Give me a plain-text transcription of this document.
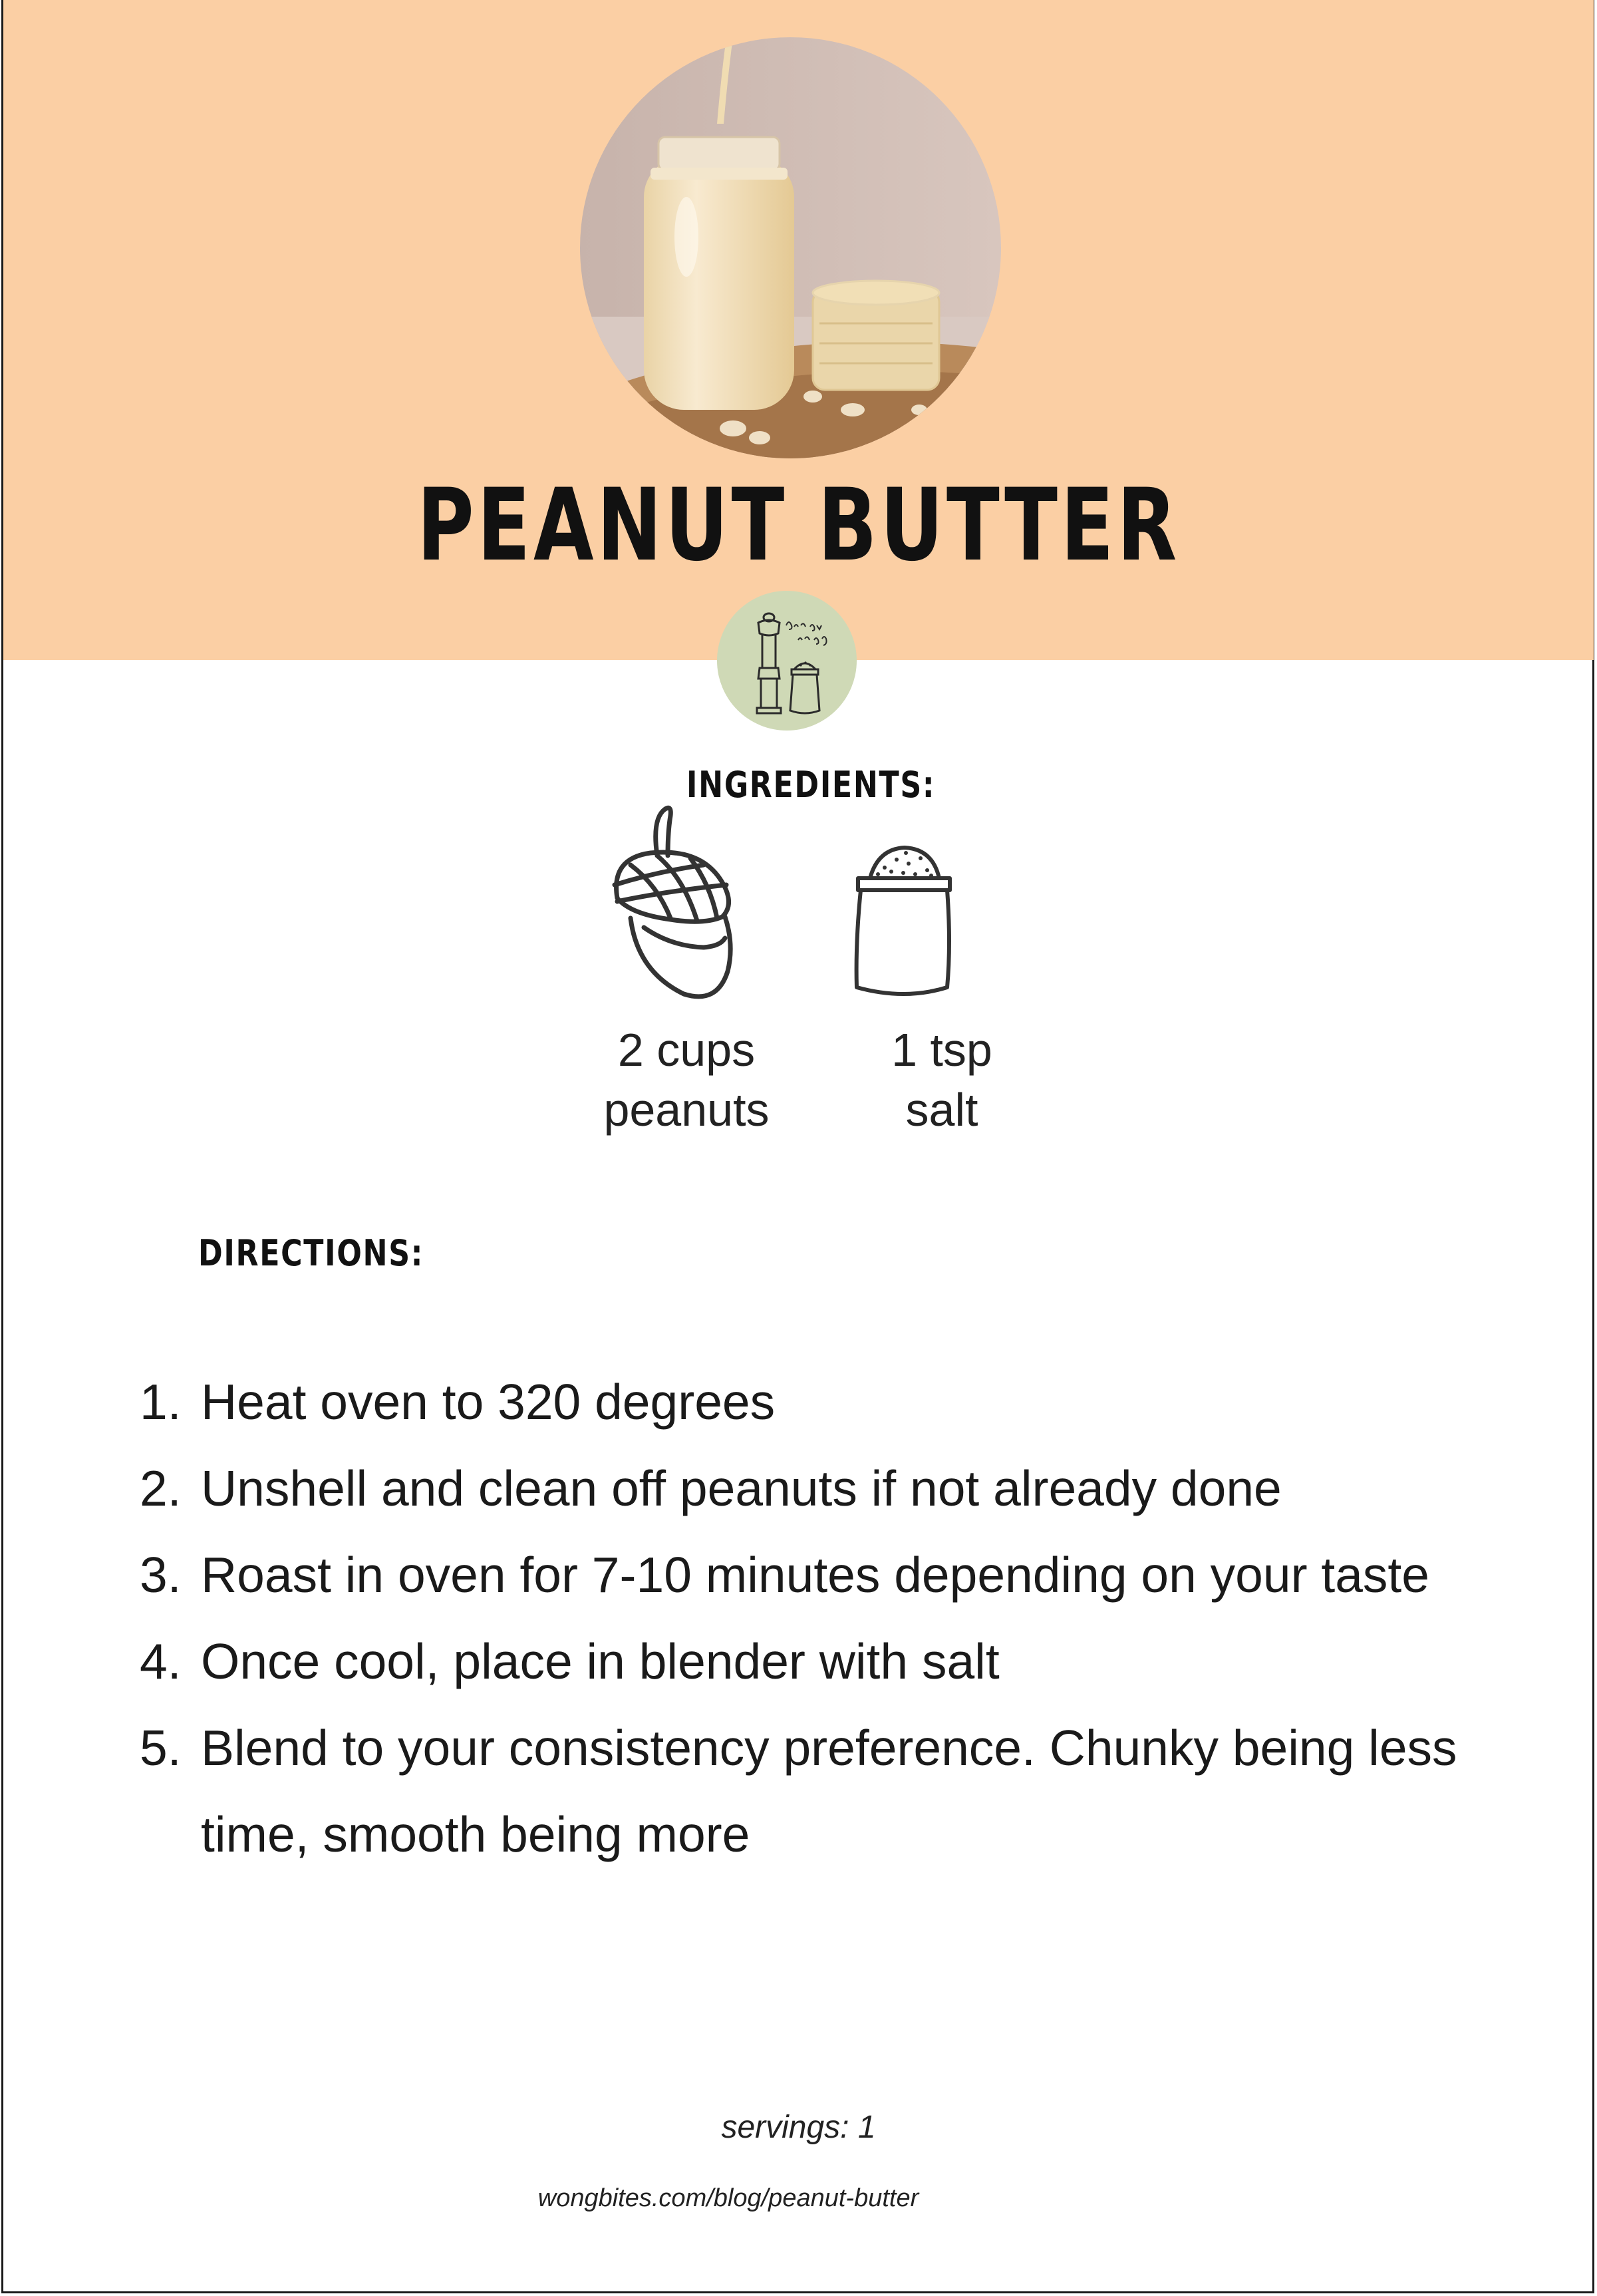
PEANUT BUTTER
INGREDIENTS:
2 cups
peanuts
1 tsp
salt
DIRECTIONS:
1. Heat oven to 320 degrees
2. Unshell and clean off peanuts if not already done
3. Roast in oven for 7-10 minutes depending on your taste
4. Once cool, place in blender with salt
5. Blend to your consistency preference. Chunky being less time, smooth being more
servings: 1
wongbites.com/blog/peanut-butter
